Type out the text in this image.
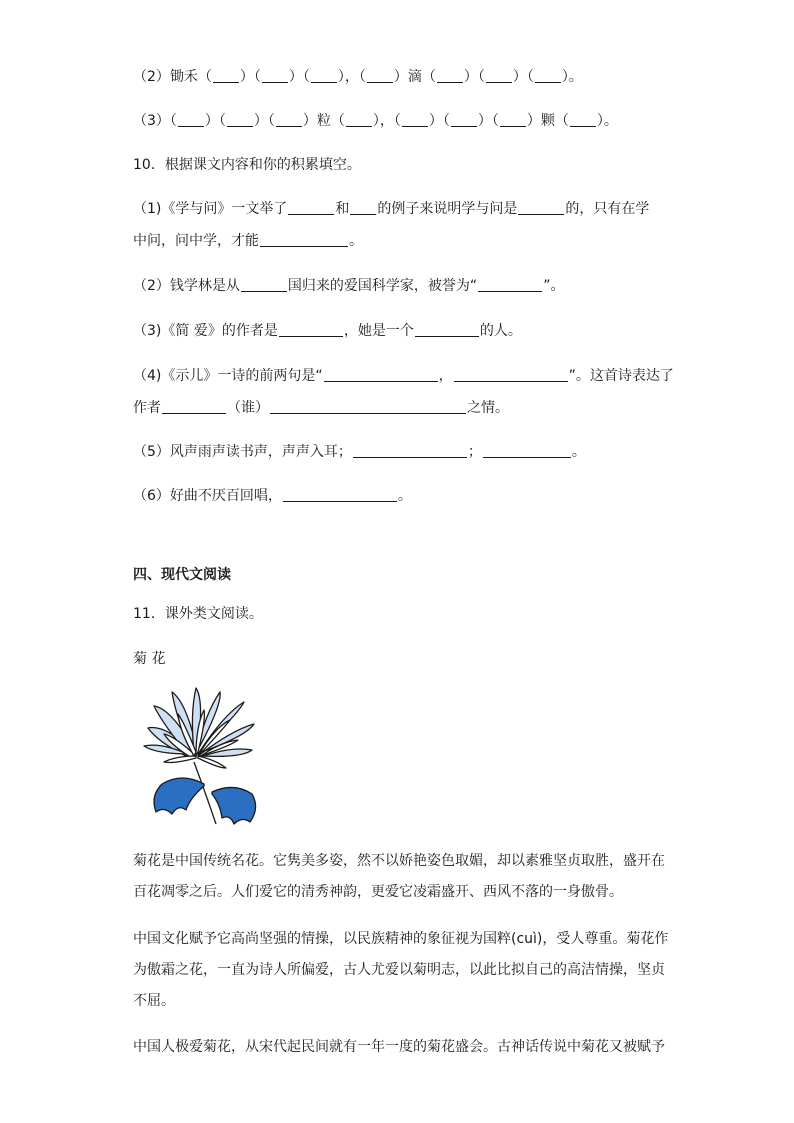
（2）锄禾（ ）（ ）（ ），（ ）滴（ ）（ ）（ ）。
（3）（ ）（ ）（ ）粒（ ），（ ）（ ）（ ）颗（ ）。
10．根据课文内容和你的积累填空。
（1)《学与问》一文举了	和 的例子来说明学与问是	的，只有在学
中问，问中学，才能	。
（2）钱学林是从	国归来的爱国科学家，被誉为“	”。
（3)《简 爱》的作者是	，她是一个	的人。
（4)《示儿》一诗的前两句是“	，	”。这首诗表达了
作者	（谁）	之情。
（5）风声雨声读书声，声声入耳；	；	。
（6）好曲不厌百回唱，	。
四、现代文阅读
11．课外类文阅读。
菊 花
菊花是中国传统名花。它隽美多姿，然不以娇艳姿色取媚，却以素雅坚贞取胜，盛开在
百花凋零之后。人们爱它的清秀神韵，更爱它凌霜盛开、西风不落的一身傲骨。
中国文化赋予它高尚坚强的情操，以民族精神的象征视为国粹(cuì)，受人尊重。菊花作
为傲霜之花，一直为诗人所偏爱，古人尤爱以菊明志，以此比拟自己的高洁情操，坚贞
不屈。
中国人极爱菊花，从宋代起民间就有一年一度的菊花盛会。古神话传说中菊花又被赋予
